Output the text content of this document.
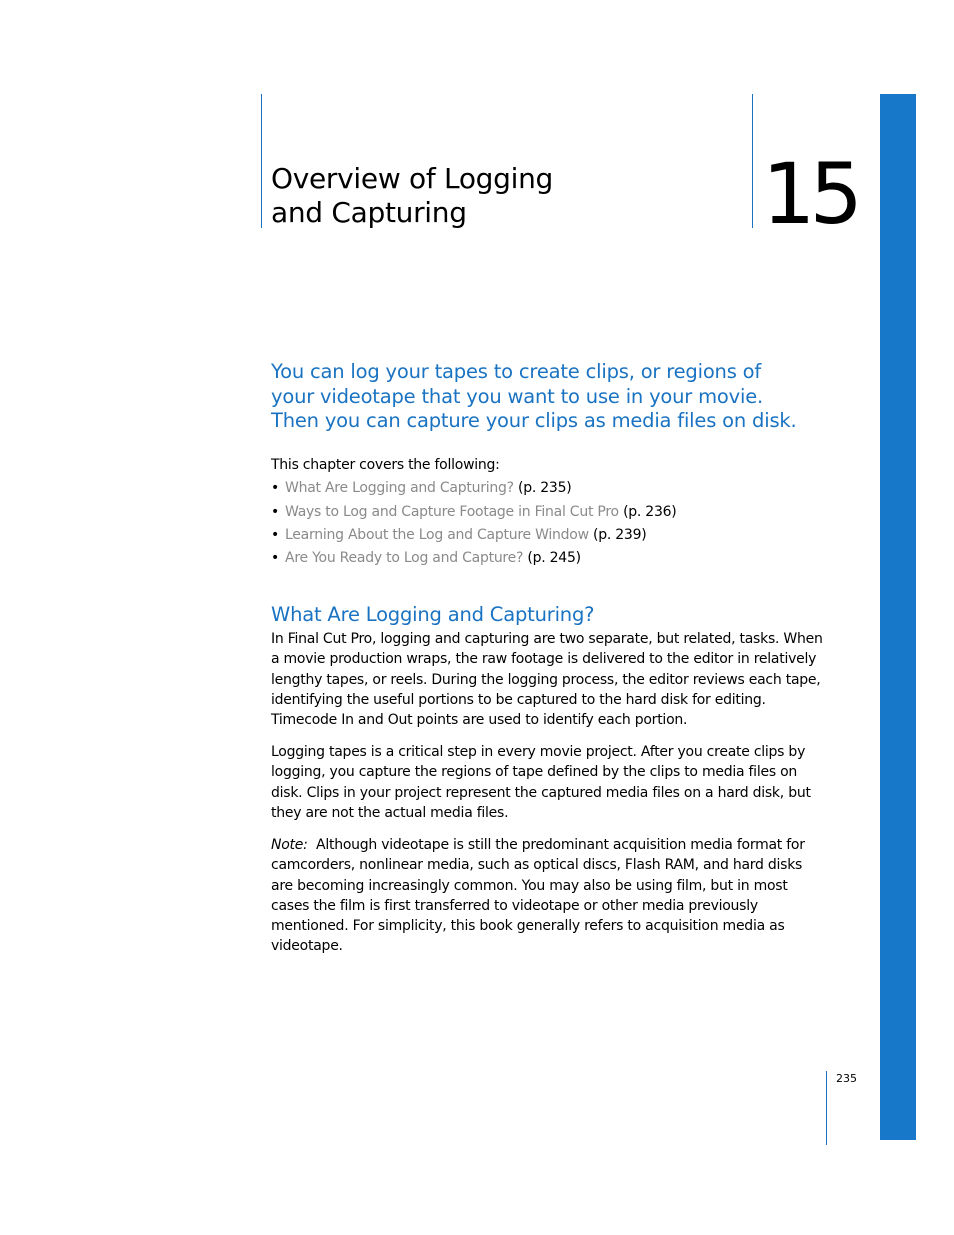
Overview of Logging
and Capturing	15

You can log your tapes to create clips, or regions of your videotape that you want to use in your movie. Then you can capture your clips as media files on disk.

This chapter covers the following:

• What Are Logging and Capturing? (p. 235)
• Ways to Log and Capture Footage in Final Cut Pro (p. 236)
• Learning About the Log and Capture Window (p. 239)
• Are You Ready to Log and Capture? (p. 245)
What Are Logging and Capturing?

In Final Cut Pro, logging and capturing are two separate, but related, tasks. When a movie production wraps, the raw footage is delivered to the editor in relatively lengthy tapes, or reels. During the logging process, the editor reviews each tape, identifying the useful portions to be captured to the hard disk for editing. Timecode In and Out points are used to identify each portion.

Logging tapes is a critical step in every movie project. After you create clips by logging, you capture the regions of tape defined by the clips to media files on disk. Clips in your project represent the captured media files on a hard disk, but they are not the actual media files.

Note: Although videotape is still the predominant acquisition media format for camcorders, nonlinear media, such as optical discs, Flash RAM, and hard disks are becoming increasingly common. You may also be using film, but in most cases the film is first transferred to videotape or other media previously mentioned. For simplicity, this book generally refers to acquisition media as videotape.

235
